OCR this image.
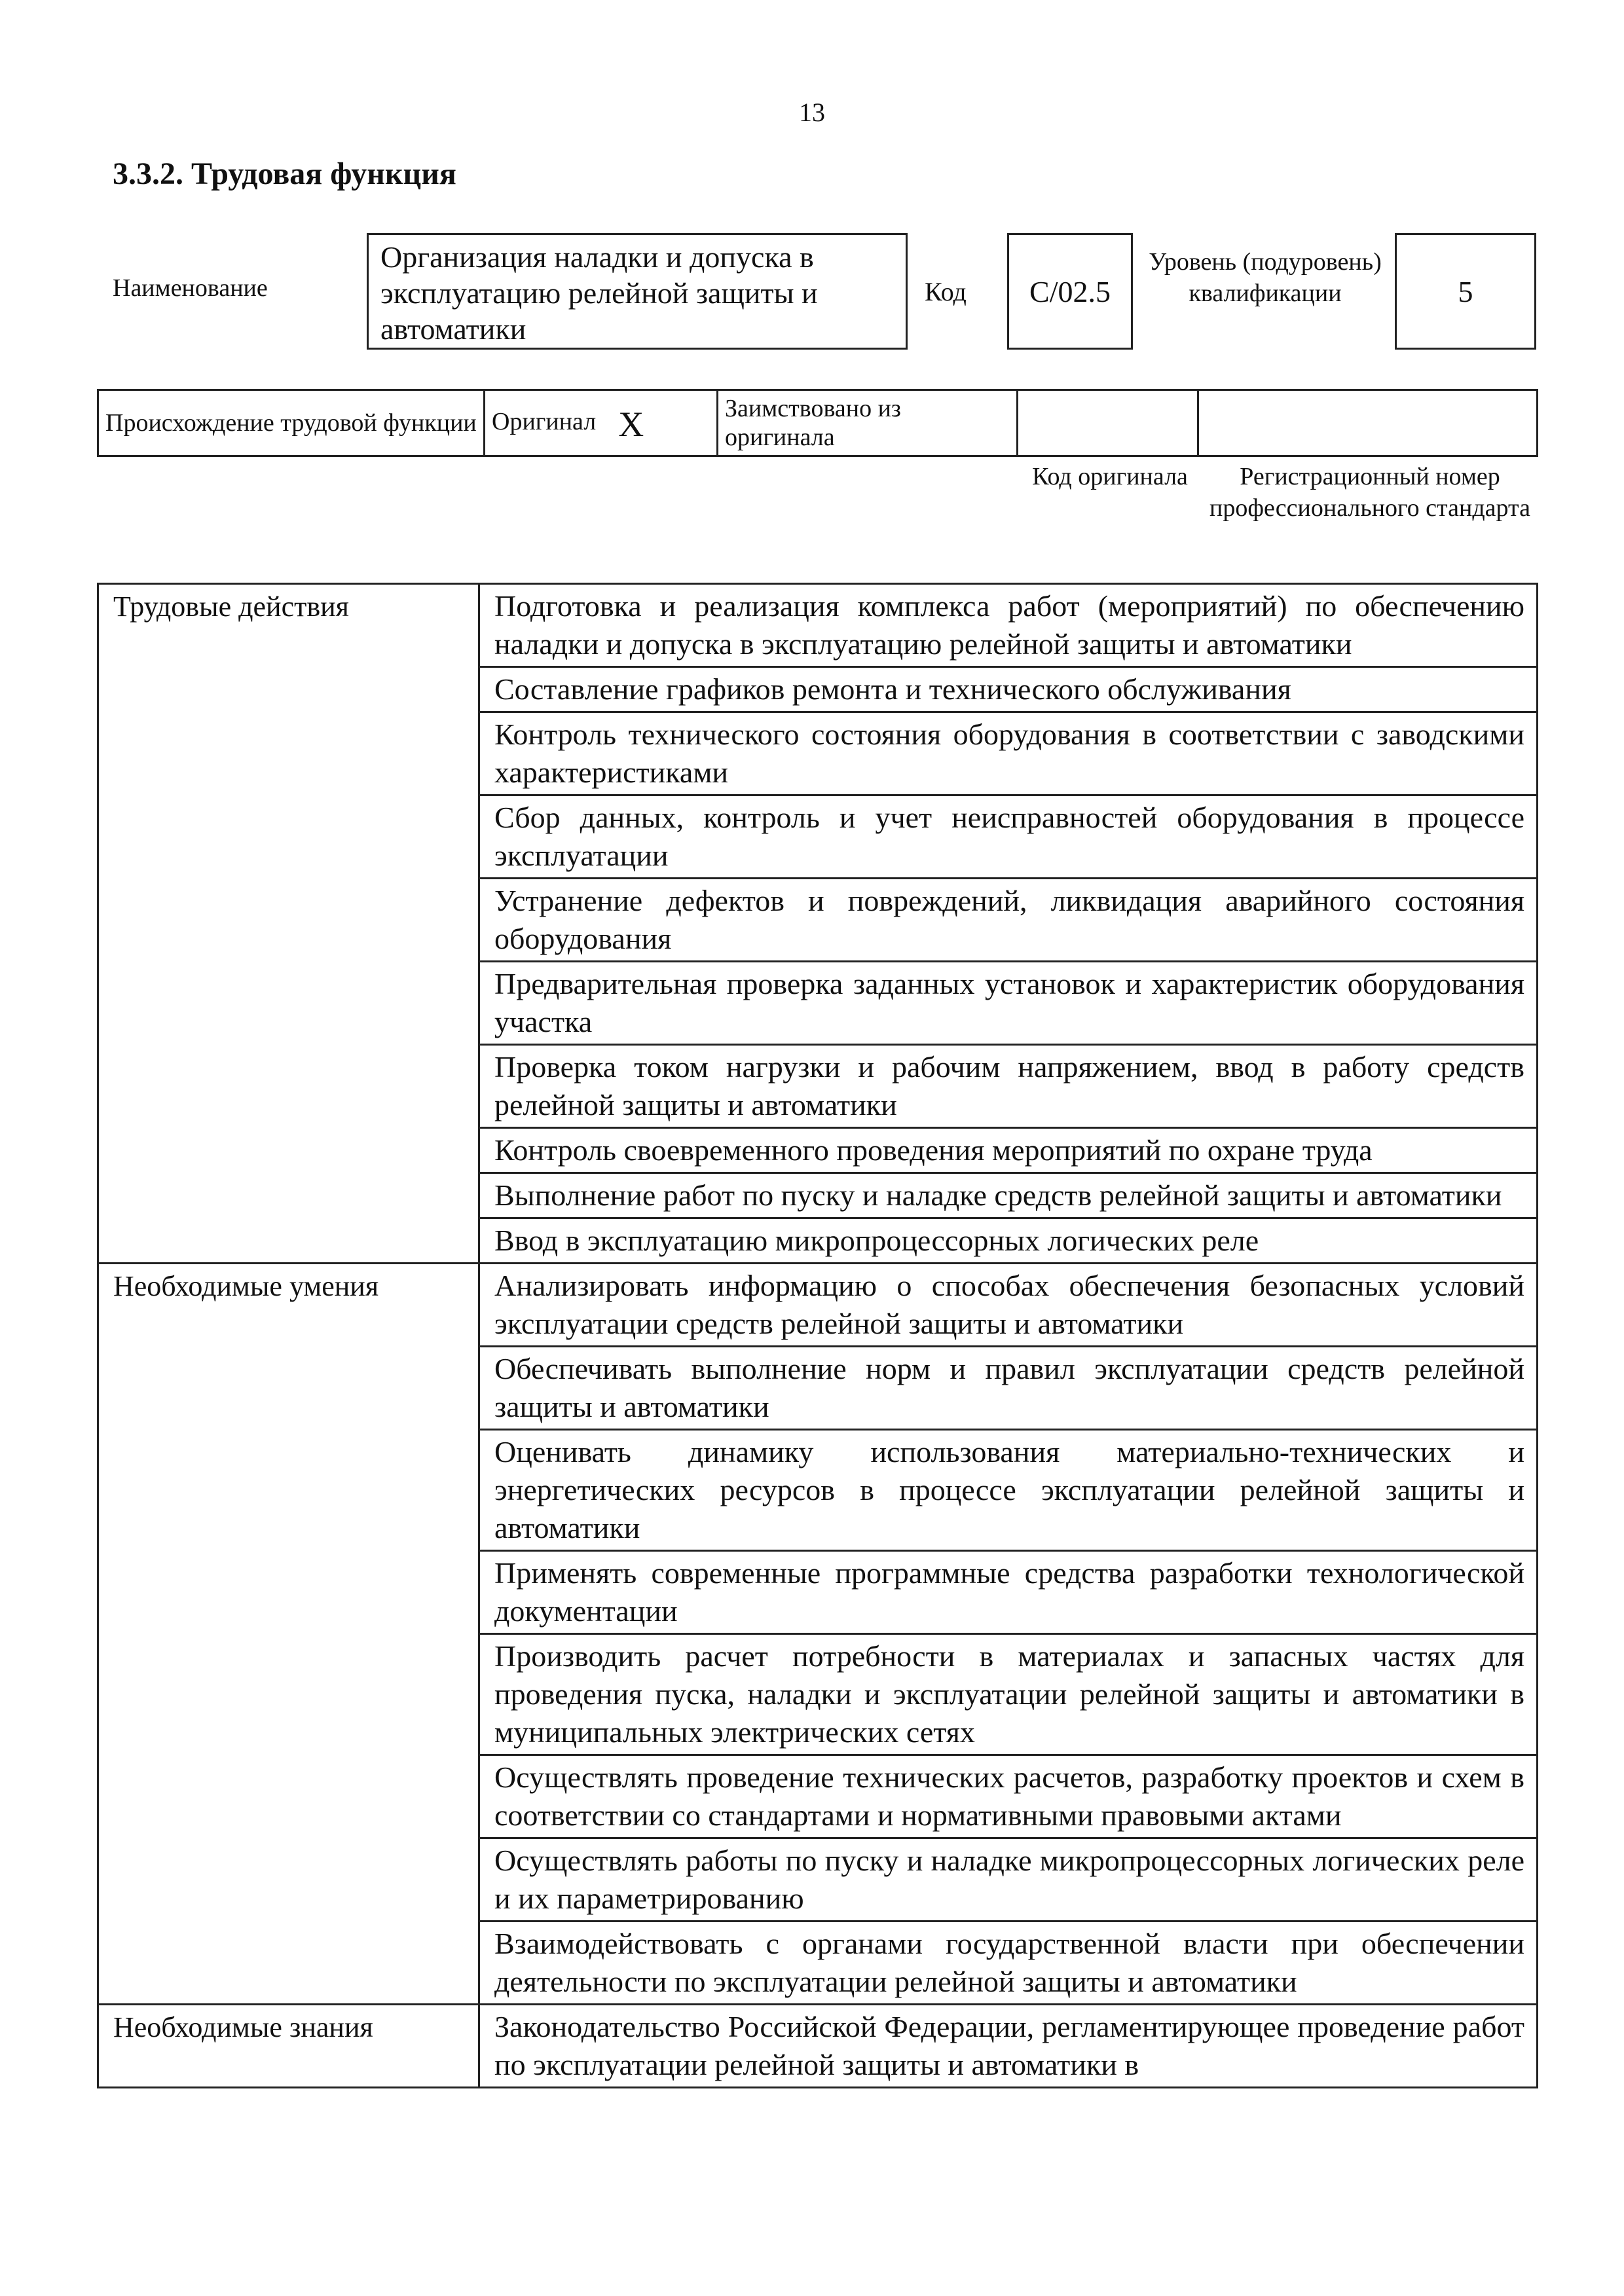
13
3.3.2. Трудовая функция
Наименование
Организация наладки и допуска в эксплуатацию релейной защиты и автоматики
Код C/02.5
Уровень (подуровень) квалификации	5
Происхождение трудовой функции	Оригинал X	Заимствовано из оригинала		
Код оригинала	Регистрационный номер профессионального стандарта
Трудовые действия	Подготовка и реализация комплекса работ (мероприятий) по обеспечению наладки и допуска в эксплуатацию релейной защиты и автоматики
	Составление графиков ремонта и технического обслуживания
	Контроль технического состояния оборудования в соответствии с заводскими характеристиками
	Сбор данных, контроль и учет неисправностей оборудования в процессе эксплуатации
	Устранение дефектов и повреждений, ликвидация аварийного состояния оборудования
	Предварительная проверка заданных установок и характеристик оборудования участка
	Проверка током нагрузки и рабочим напряжением, ввод в работу средств релейной защиты и автоматики
	Контроль своевременного проведения мероприятий по охране труда
	Выполнение работ по пуску и наладке средств релейной защиты и автоматики
	Ввод в эксплуатацию микропроцессорных логических реле
Необходимые умения	Анализировать информацию о способах обеспечения безопасных условий эксплуатации средств релейной защиты и автоматики
	Обеспечивать выполнение норм и правил эксплуатации средств релейной защиты и автоматики
	Оценивать динамику использования материально-технических и энергетических ресурсов в процессе эксплуатации релейной защиты и автоматики
	Применять современные программные средства разработки технологической документации
	Производить расчет потребности в материалах и запасных частях для проведения пуска, наладки и эксплуатации релейной защиты и автоматики в муниципальных электрических сетях
	Осуществлять проведение технических расчетов, разработку проектов и схем в соответствии со стандартами и нормативными правовыми актами
	Осуществлять работы по пуску и наладке микропроцессорных логических реле и их параметрированию
	Взаимодействовать с органами государственной власти при обеспечении деятельности по эксплуатации релейной защиты и автоматики
Необходимые знания	Законодательство Российской Федерации, регламентирующее проведение работ по эксплуатации релейной защиты и автоматики в
